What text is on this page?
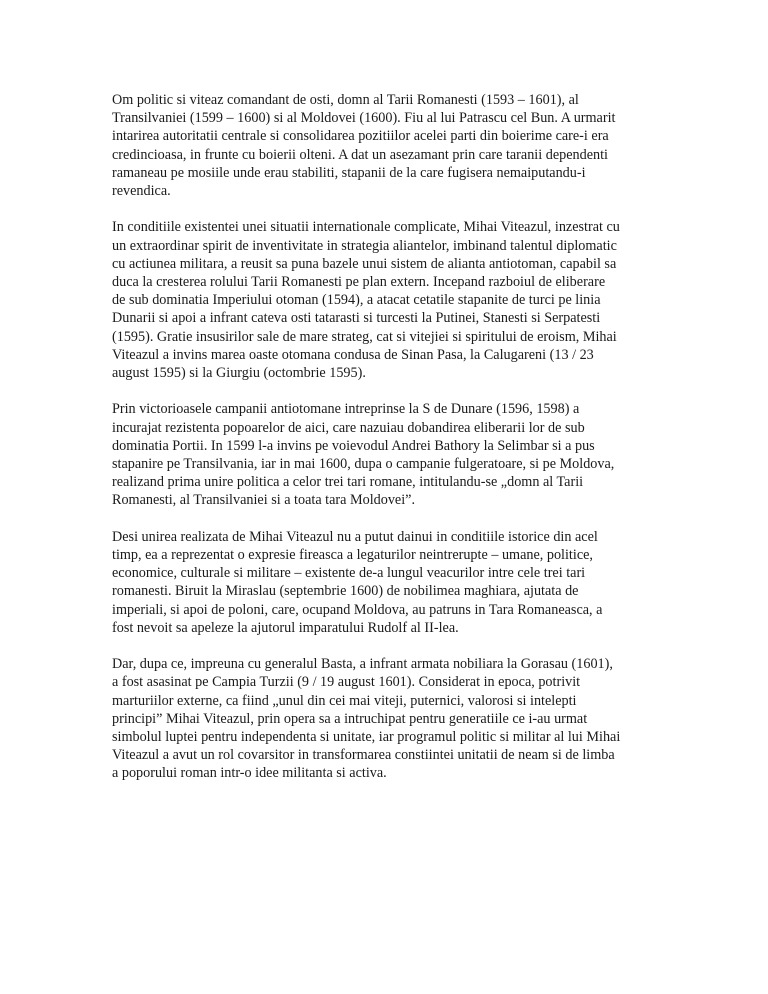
Om politic si viteaz comandant de osti, domn al Tarii Romanesti (1593 – 1601), al
Transilvaniei (1599 – 1600) si al Moldovei (1600). Fiu al lui Patrascu cel Bun. A urmarit
intarirea autoritatii centrale si consolidarea pozitiilor acelei parti din boierime care-i era
credincioasa, in frunte cu boierii olteni. A dat un asezamant prin care taranii dependenti
ramaneau pe mosiile unde erau stabiliti, stapanii de la care fugisera nemaiputandu-i
revendica.

In conditiile existentei unei situatii internationale complicate, Mihai Viteazul, inzestrat cu
un extraordinar spirit de inventivitate in strategia aliantelor, imbinand talentul diplomatic
cu actiunea militara, a reusit sa puna bazele unui sistem de alianta antiotoman, capabil sa
duca la cresterea rolului Tarii Romanesti pe plan extern. Incepand razboiul de eliberare
de sub dominatia Imperiului otoman (1594), a atacat cetatile stapanite de turci pe linia
Dunarii si apoi a infrant cateva osti tatarasti si turcesti la Putinei, Stanesti si Serpatesti
(1595). Gratie insusirilor sale de mare strateg, cat si vitejiei si spiritului de eroism, Mihai
Viteazul a invins marea oaste otomana condusa de Sinan Pasa, la Calugareni (13 / 23
august 1595) si la Giurgiu (octombrie 1595).

Prin victorioasele campanii antiotomane intreprinse la S de Dunare (1596, 1598) a
incurajat rezistenta popoarelor de aici, care nazuiau dobandirea eliberarii lor de sub
dominatia Portii. In 1599 l-a invins pe voievodul Andrei Bathory la Selimbar si a pus
stapanire pe Transilvania, iar in mai 1600, dupa o campanie fulgeratoare, si pe Moldova,
realizand prima unire politica a celor trei tari romane, intitulandu-se „domn al Tarii
Romanesti, al Transilvaniei si a toata tara Moldovei”.

Desi unirea realizata de Mihai Viteazul nu a putut dainui in conditiile istorice din acel
timp, ea a reprezentat o expresie fireasca a legaturilor neintrerupte – umane, politice,
economice, culturale si militare – existente de-a lungul veacurilor intre cele trei tari
romanesti. Biruit la Miraslau (septembrie 1600) de nobilimea maghiara, ajutata de
imperiali, si apoi de poloni, care, ocupand Moldova, au patruns in Tara Romaneasca, a
fost nevoit sa apeleze la ajutorul imparatului Rudolf al II-lea.

Dar, dupa ce, impreuna cu generalul Basta, a infrant armata nobiliara la Gorasau (1601),
a fost asasinat pe Campia Turzii (9 / 19 august 1601). Considerat in epoca, potrivit
marturiilor externe, ca fiind „unul din cei mai viteji, puternici, valorosi si intelepti
principi” Mihai Viteazul, prin opera sa a intruchipat pentru generatiile ce i-au urmat
simbolul luptei pentru independenta si unitate, iar programul politic si militar al lui Mihai
Viteazul a avut un rol covarsitor in transformarea constiintei unitatii de neam si de limba
a poporului roman intr-o idee militanta si activa.
